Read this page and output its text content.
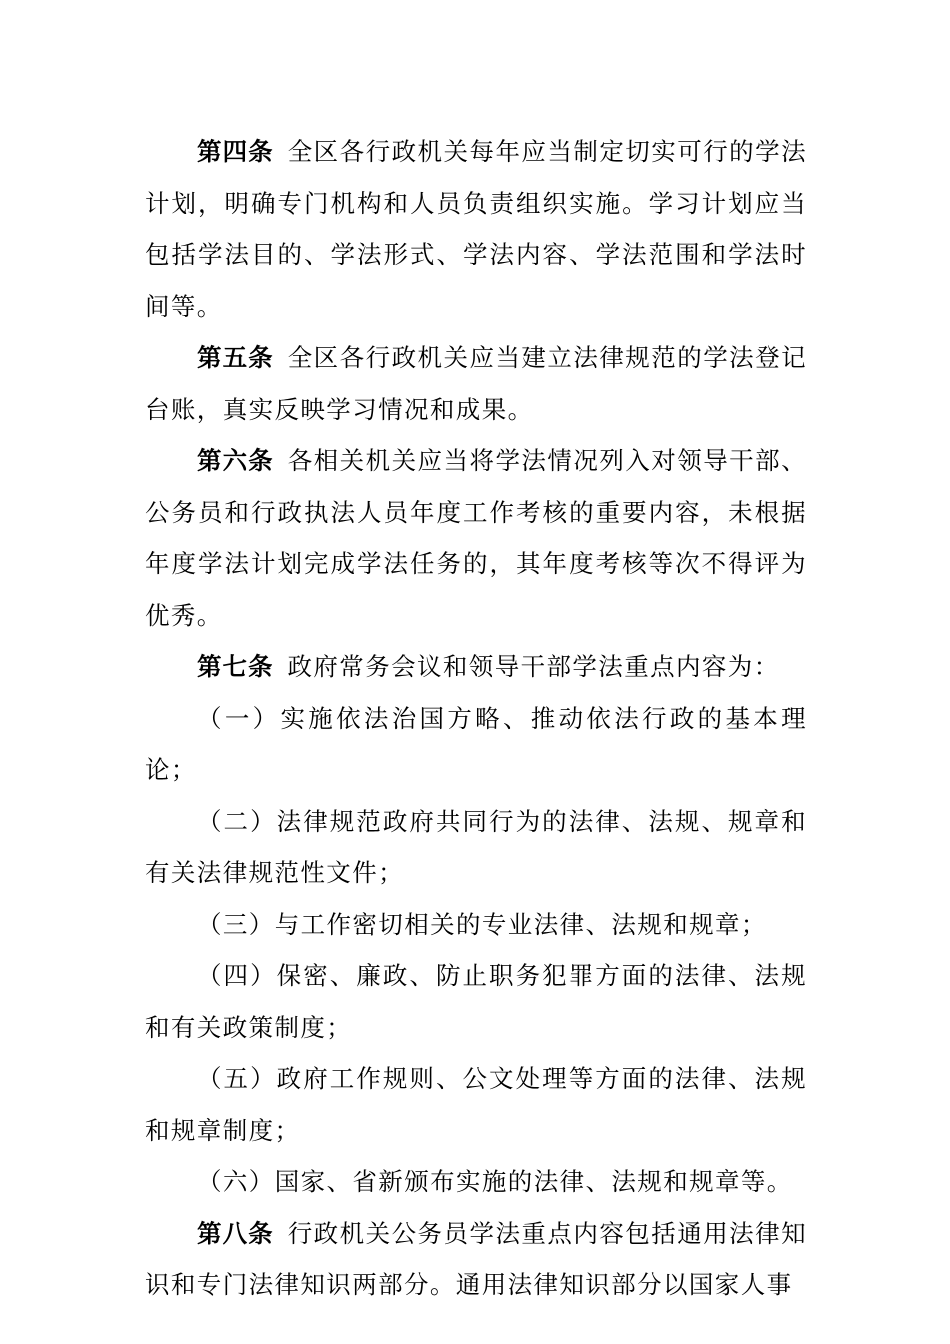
第四条 全区各行政机关每年应当制定切实可行的学法计划，明确专门机构和人员负责组织实施。学习计划应当包括学法目的、学法形式、学法内容、学法范围和学法时间等。

第五条 全区各行政机关应当建立法律规范的学法登记台账，真实反映学习情况和成果。

第六条 各相关机关应当将学法情况列入对领导干部、公务员和行政执法人员年度工作考核的重要内容，未根据年度学法计划完成学法任务的，其年度考核等次不得评为优秀。

第七条 政府常务会议和领导干部学法重点内容为：

（一）实施依法治国方略、推动依法行政的基本理论；

（二）法律规范政府共同行为的法律、法规、规章和有关法律规范性文件；

（三）与工作密切相关的专业法律、法规和规章；

（四）保密、廉政、防止职务犯罪方面的法律、法规和有关政策制度；

（五）政府工作规则、公文处理等方面的法律、法规和规章制度；

（六）国家、省新颁布实施的法律、法规和规章等。

第八条 行政机关公务员学法重点内容包括通用法律知识和专门法律知识两部分。通用法律知识部分以国家人事
